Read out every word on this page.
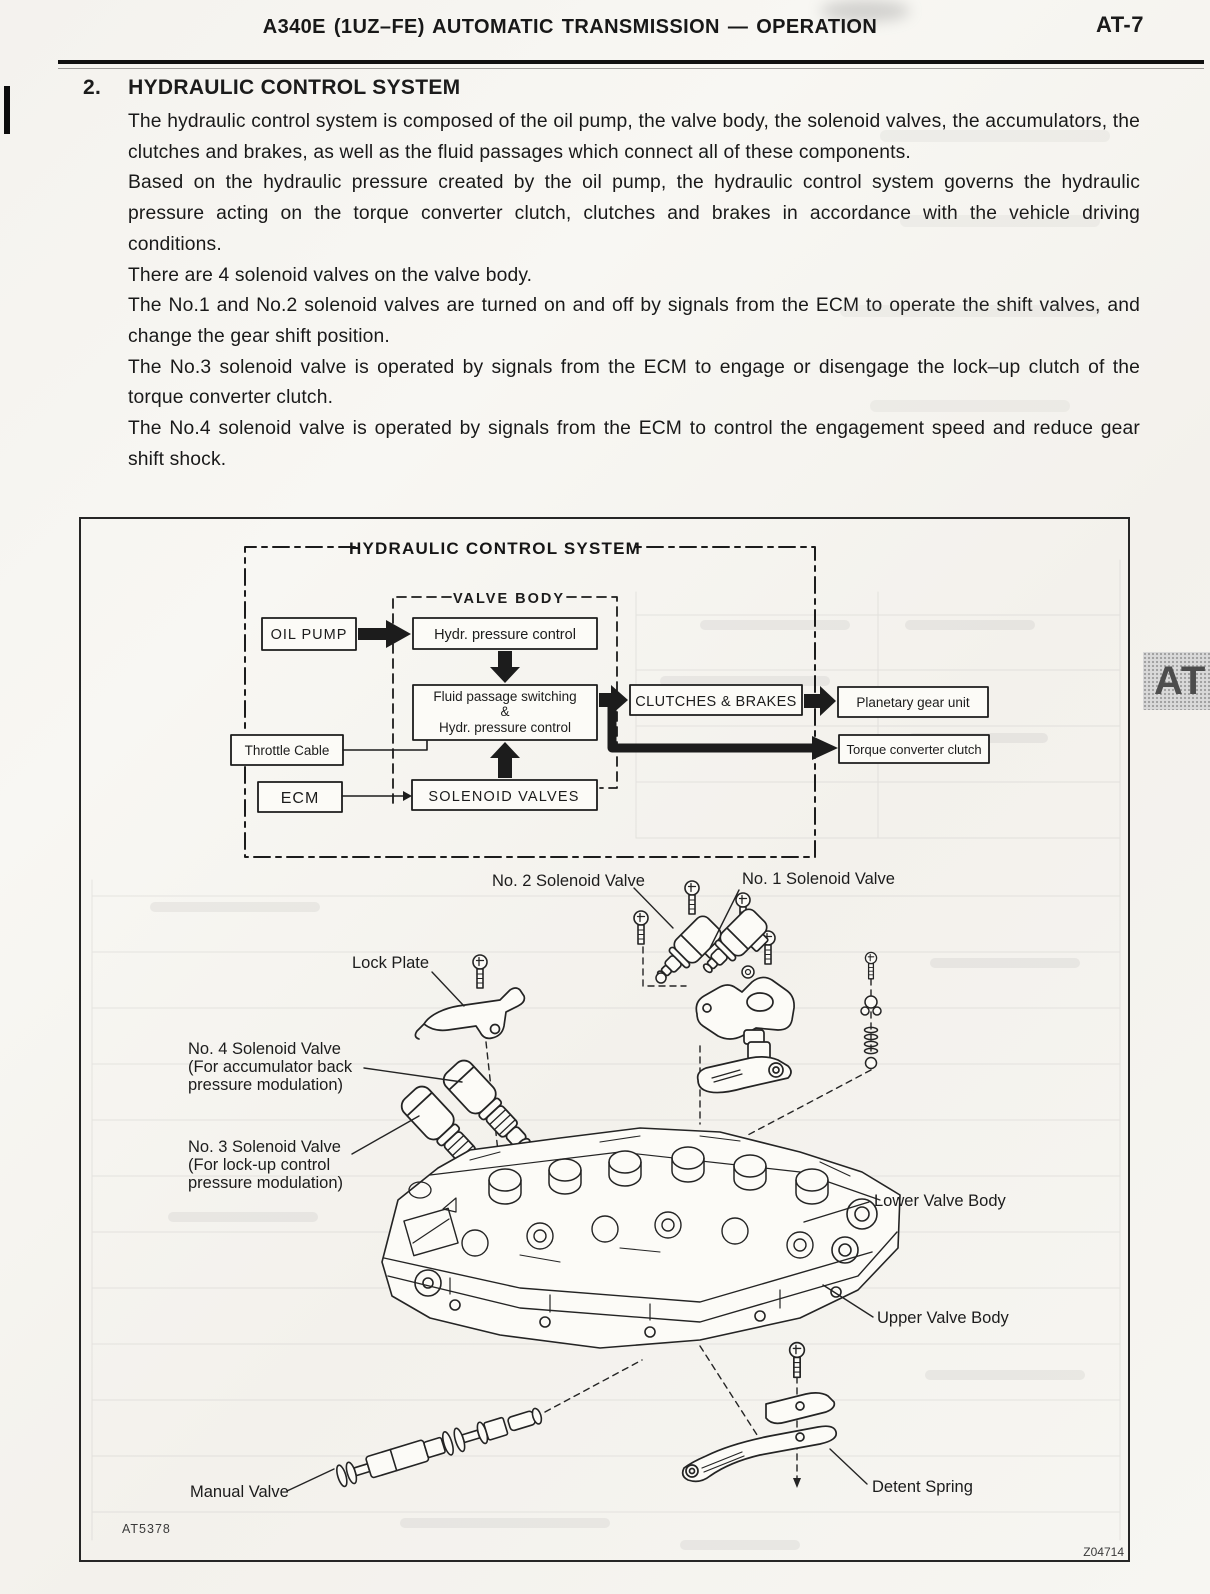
A340E (1UZ–FE) AUTOMATIC TRANSMISSION — OPERATION	AT-7
2. HYDRAULIC CONTROL SYSTEM

The hydraulic control system is composed of the oil pump, the valve body, the solenoid valves, the accumulators, the clutches and brakes, as well as the fluid passages which connect all of these components.

Based on the hydraulic pressure created by the oil pump, the hydraulic control system governs the hydraulic pressure acting on the torque converter clutch, clutches and brakes in accordance with the vehicle driving conditions.

There are 4 solenoid valves on the valve body.

The No.1 and No.2 solenoid valves are turned on and off by signals from the ECM to operate the shift valves, and change the gear shift position.

The No.3 solenoid valve is operated by signals from the ECM to engage or disengage the lock–up clutch of the torque converter clutch.

The No.4 solenoid valve is operated by signals from the ECM to control the engagement speed and reduce gear shift shock.

AT
HYDRAULIC CONTROL SYSTEM
VALVE BODY
OIL PUMP	Hydr. pressure control
Fluid passage switching
&
Hydr. pressure control
Throttle Cable
ECM	SOLENOID VALVES
CLUTCHES & BRAKES	Planetary gear unit
Torque converter clutch
No. 2 Solenoid Valve	No. 1 Solenoid Valve
Lock Plate
No. 4 Solenoid Valve
(For accumulator back
pressure modulation)
No. 3 Solenoid Valve
(For lock-up control
pressure modulation)
Lower Valve Body
Upper Valve Body
Manual Valve	Detent Spring
AT5378
Z04714
